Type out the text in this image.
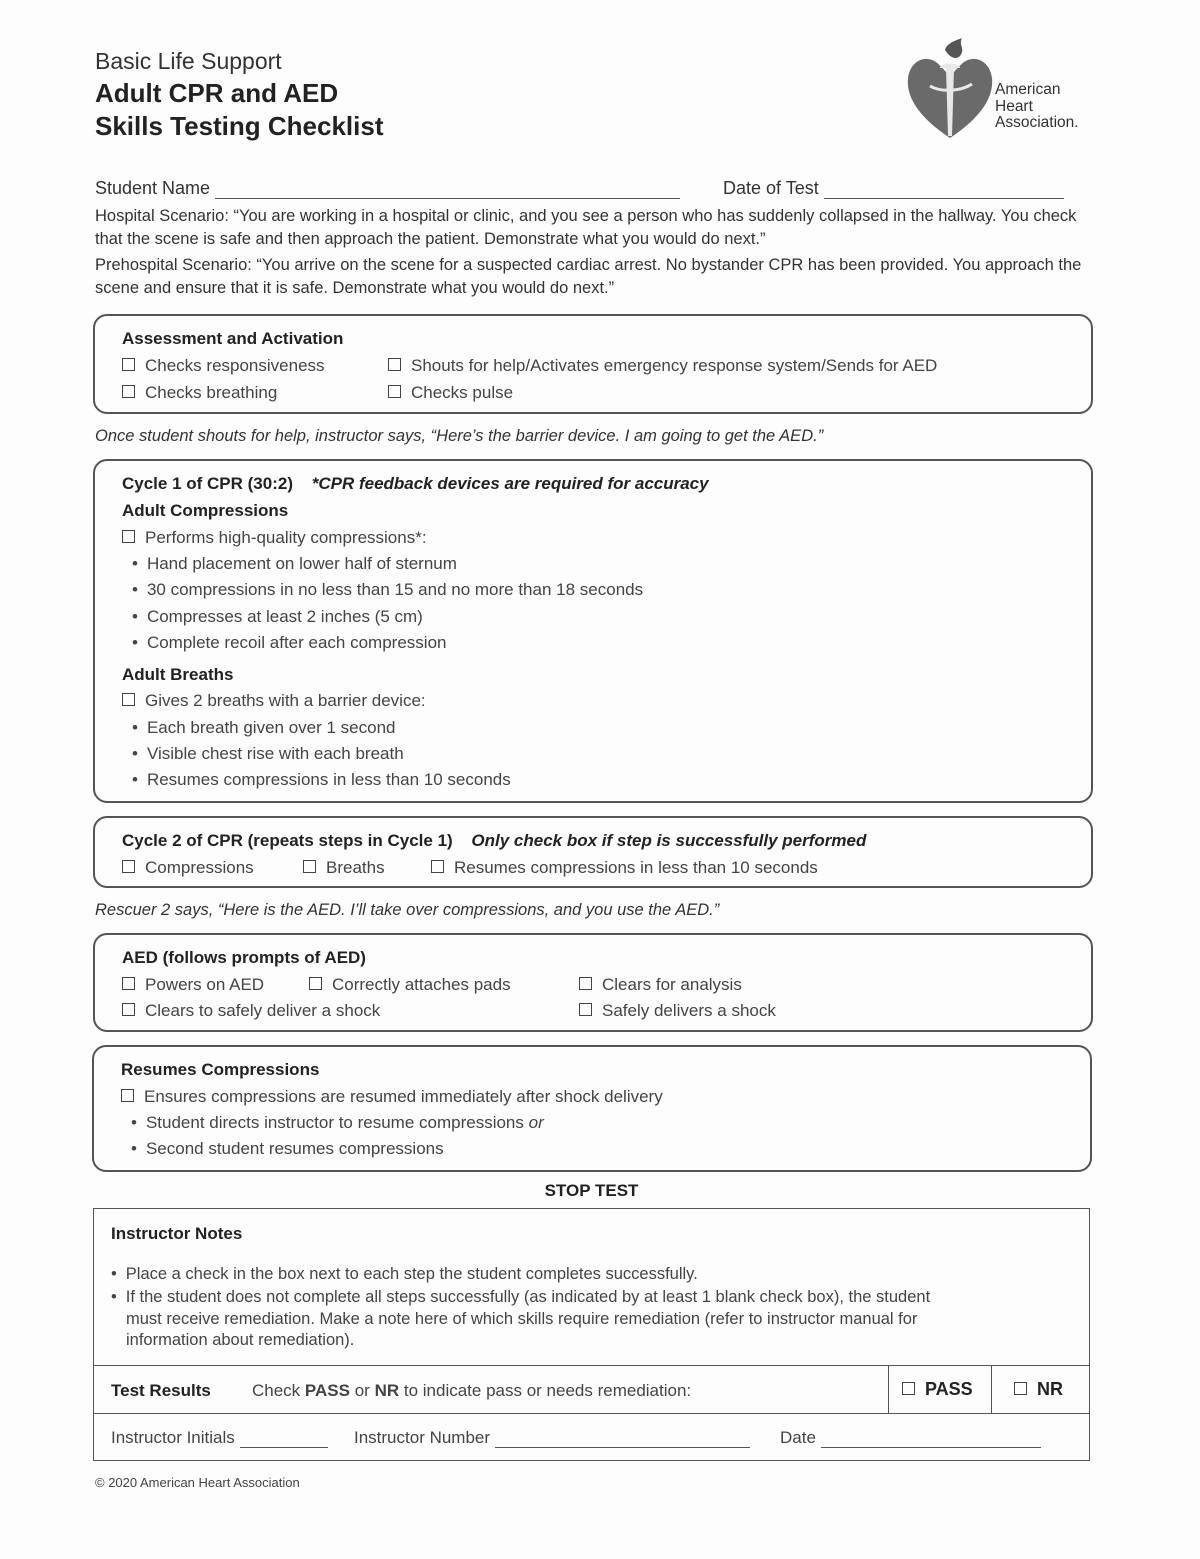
Basic Life Support
Adult CPR and AED
Skills Testing Checklist
American
Heart
Association.
Student Name	Date of Test
Hospital Scenario: “You are working in a hospital or clinic, and you see a person who has suddenly collapsed in the hallway. You check that the scene is safe and then approach the patient. Demonstrate what you would do next.”
Prehospital Scenario: “You arrive on the scene for a suspected cardiac arrest. No bystander CPR has been provided. You approach the scene and ensure that it is safe. Demonstrate what you would do next.”
Assessment and Activation
Checks responsiveness	Shouts for help/Activates emergency response system/Sends for AED
Checks breathing	Checks pulse
Once student shouts for help, instructor says, “Here’s the barrier device. I am going to get the AED.”
Cycle 1 of CPR (30:2) *CPR feedback devices are required for accuracy
Adult Compressions
Performs high-quality compressions*:
• Hand placement on lower half of sternum
• 30 compressions in no less than 15 and no more than 18 seconds
• Compresses at least 2 inches (5 cm)
• Complete recoil after each compression
Adult Breaths
Gives 2 breaths with a barrier device:
• Each breath given over 1 second
• Visible chest rise with each breath
• Resumes compressions in less than 10 seconds
Cycle 2 of CPR (repeats steps in Cycle 1) Only check box if step is successfully performed
Compressions	Breaths	Resumes compressions in less than 10 seconds
Rescuer 2 says, “Here is the AED. I’ll take over compressions, and you use the AED.”
AED (follows prompts of AED)
Powers on AED	Correctly attaches pads	Clears for analysis
Clears to safely deliver a shock	Safely delivers a shock
Resumes Compressions
Ensures compressions are resumed immediately after shock delivery
• Student directs instructor to resume compressions or
• Second student resumes compressions
STOP TEST
Instructor Notes
• Place a check in the box next to each step the student completes successfully.
• If the student does not complete all steps successfully (as indicated by at least 1 blank check box), the student
must receive remediation. Make a note here of which skills require remediation (refer to instructor manual for
information about remediation).
Test Results Check PASS or NR to indicate pass or needs remediation:	PASS	NR
Instructor Initials	Instructor Number	Date
© 2020 American Heart Association
